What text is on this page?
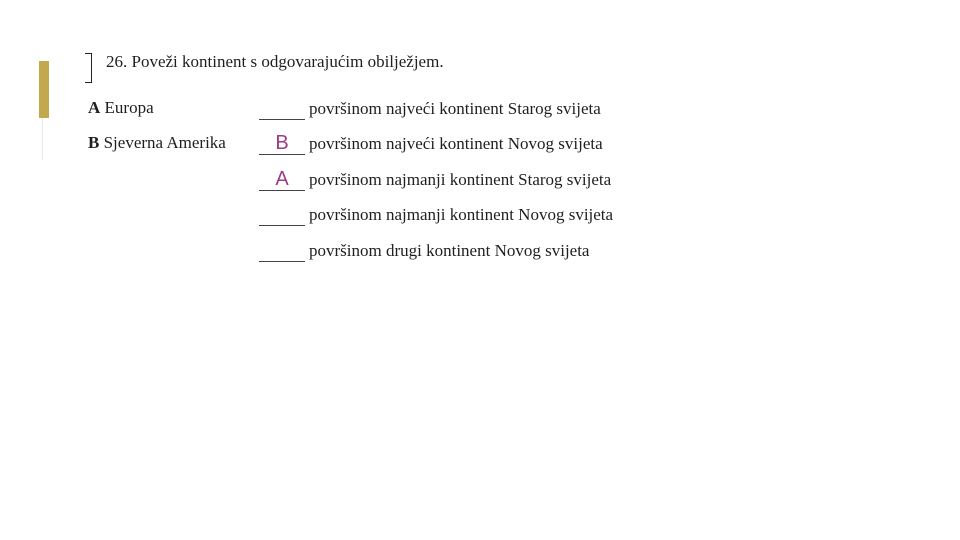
26. Poveži kontinent s odgovarajućim obilježjem.
A Europa
B Sjeverna Amerika
površinom najveći kontinent Starog svijeta
B	površinom najveći kontinent Novog svijeta
A	površinom najmanji kontinent Starog svijeta
površinom najmanji kontinent Novog svijeta
površinom drugi kontinent Novog svijeta
